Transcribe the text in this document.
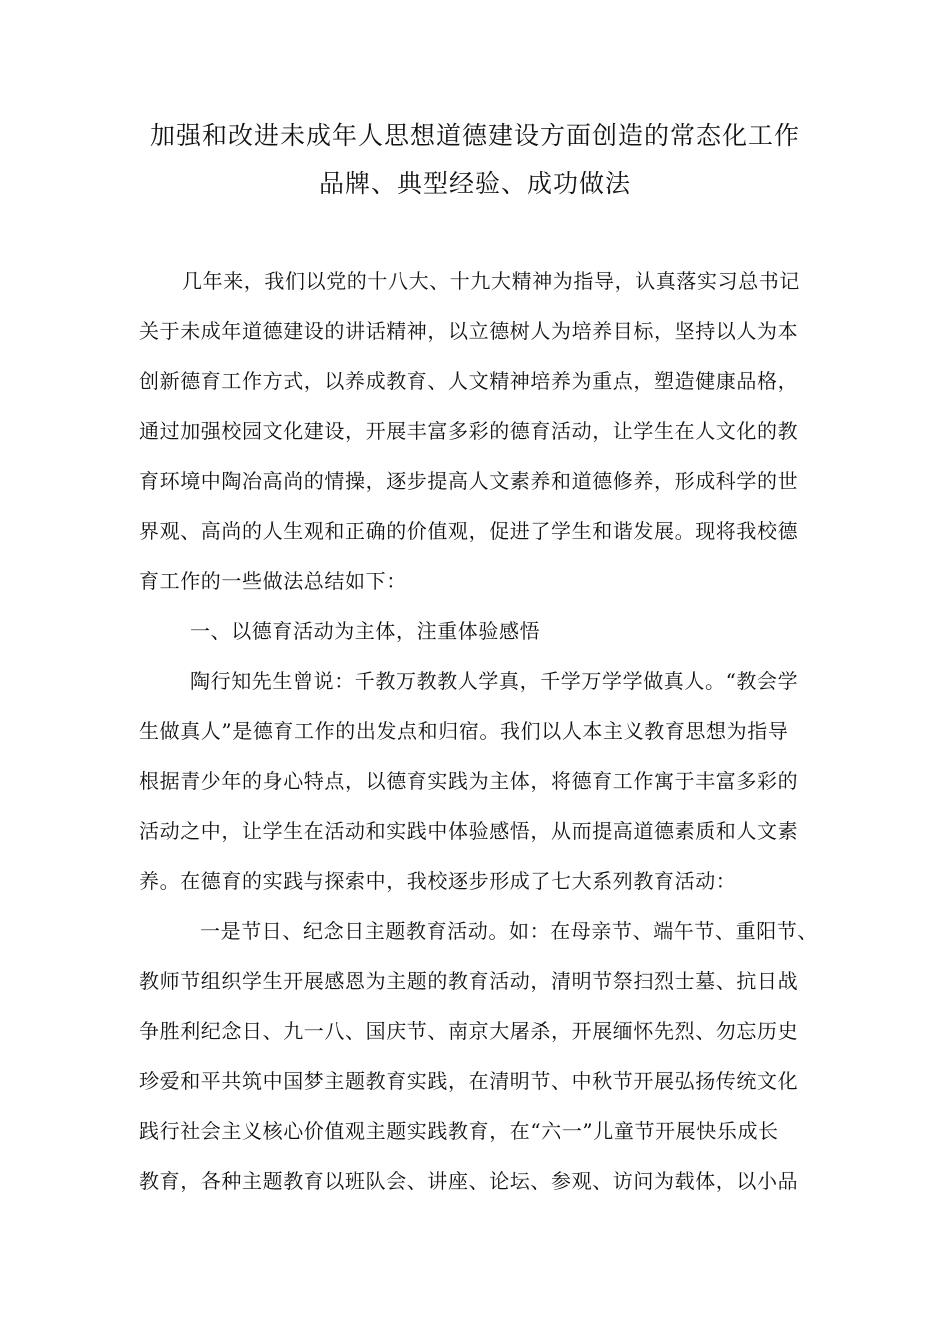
加强和改进未成年人思想道德建设方面创造的常态化工作
品牌、典型经验、成功做法
几年来，我们以党的十八大、十九大精神为指导，认真落实习总书记
关于未成年道德建设的讲话精神，以立德树人为培养目标，坚持以人为本
创新德育工作方式，以养成教育、人文精神培养为重点，塑造健康品格，
通过加强校园文化建设，开展丰富多彩的德育活动，让学生在人文化的教
育环境中陶冶高尚的情操，逐步提高人文素养和道德修养，形成科学的世
界观、高尚的人生观和正确的价值观，促进了学生和谐发展。现将我校德
育工作的一些做法总结如下：
一、以德育活动为主体，注重体验感悟
陶行知先生曾说：千教万教教人学真，千学万学学做真人。“教会学
生做真人”是德育工作的出发点和归宿。我们以人本主义教育思想为指导
根据青少年的身心特点，以德育实践为主体，将德育工作寓于丰富多彩的
活动之中，让学生在活动和实践中体验感悟，从而提高道德素质和人文素
养。在德育的实践与探索中，我校逐步形成了七大系列教育活动：
一是节日、纪念日主题教育活动。如：在母亲节、端午节、重阳节、
教师节组织学生开展感恩为主题的教育活动，清明节祭扫烈士墓、抗日战
争胜利纪念日、九一八、国庆节、南京大屠杀，开展缅怀先烈、勿忘历史
珍爱和平共筑中国梦主题教育实践，在清明节、中秋节开展弘扬传统文化
践行社会主义核心价值观主题实践教育，在“六一”儿童节开展快乐成长
教育，各种主题教育以班队会、讲座、论坛、参观、访问为载体，以小品
